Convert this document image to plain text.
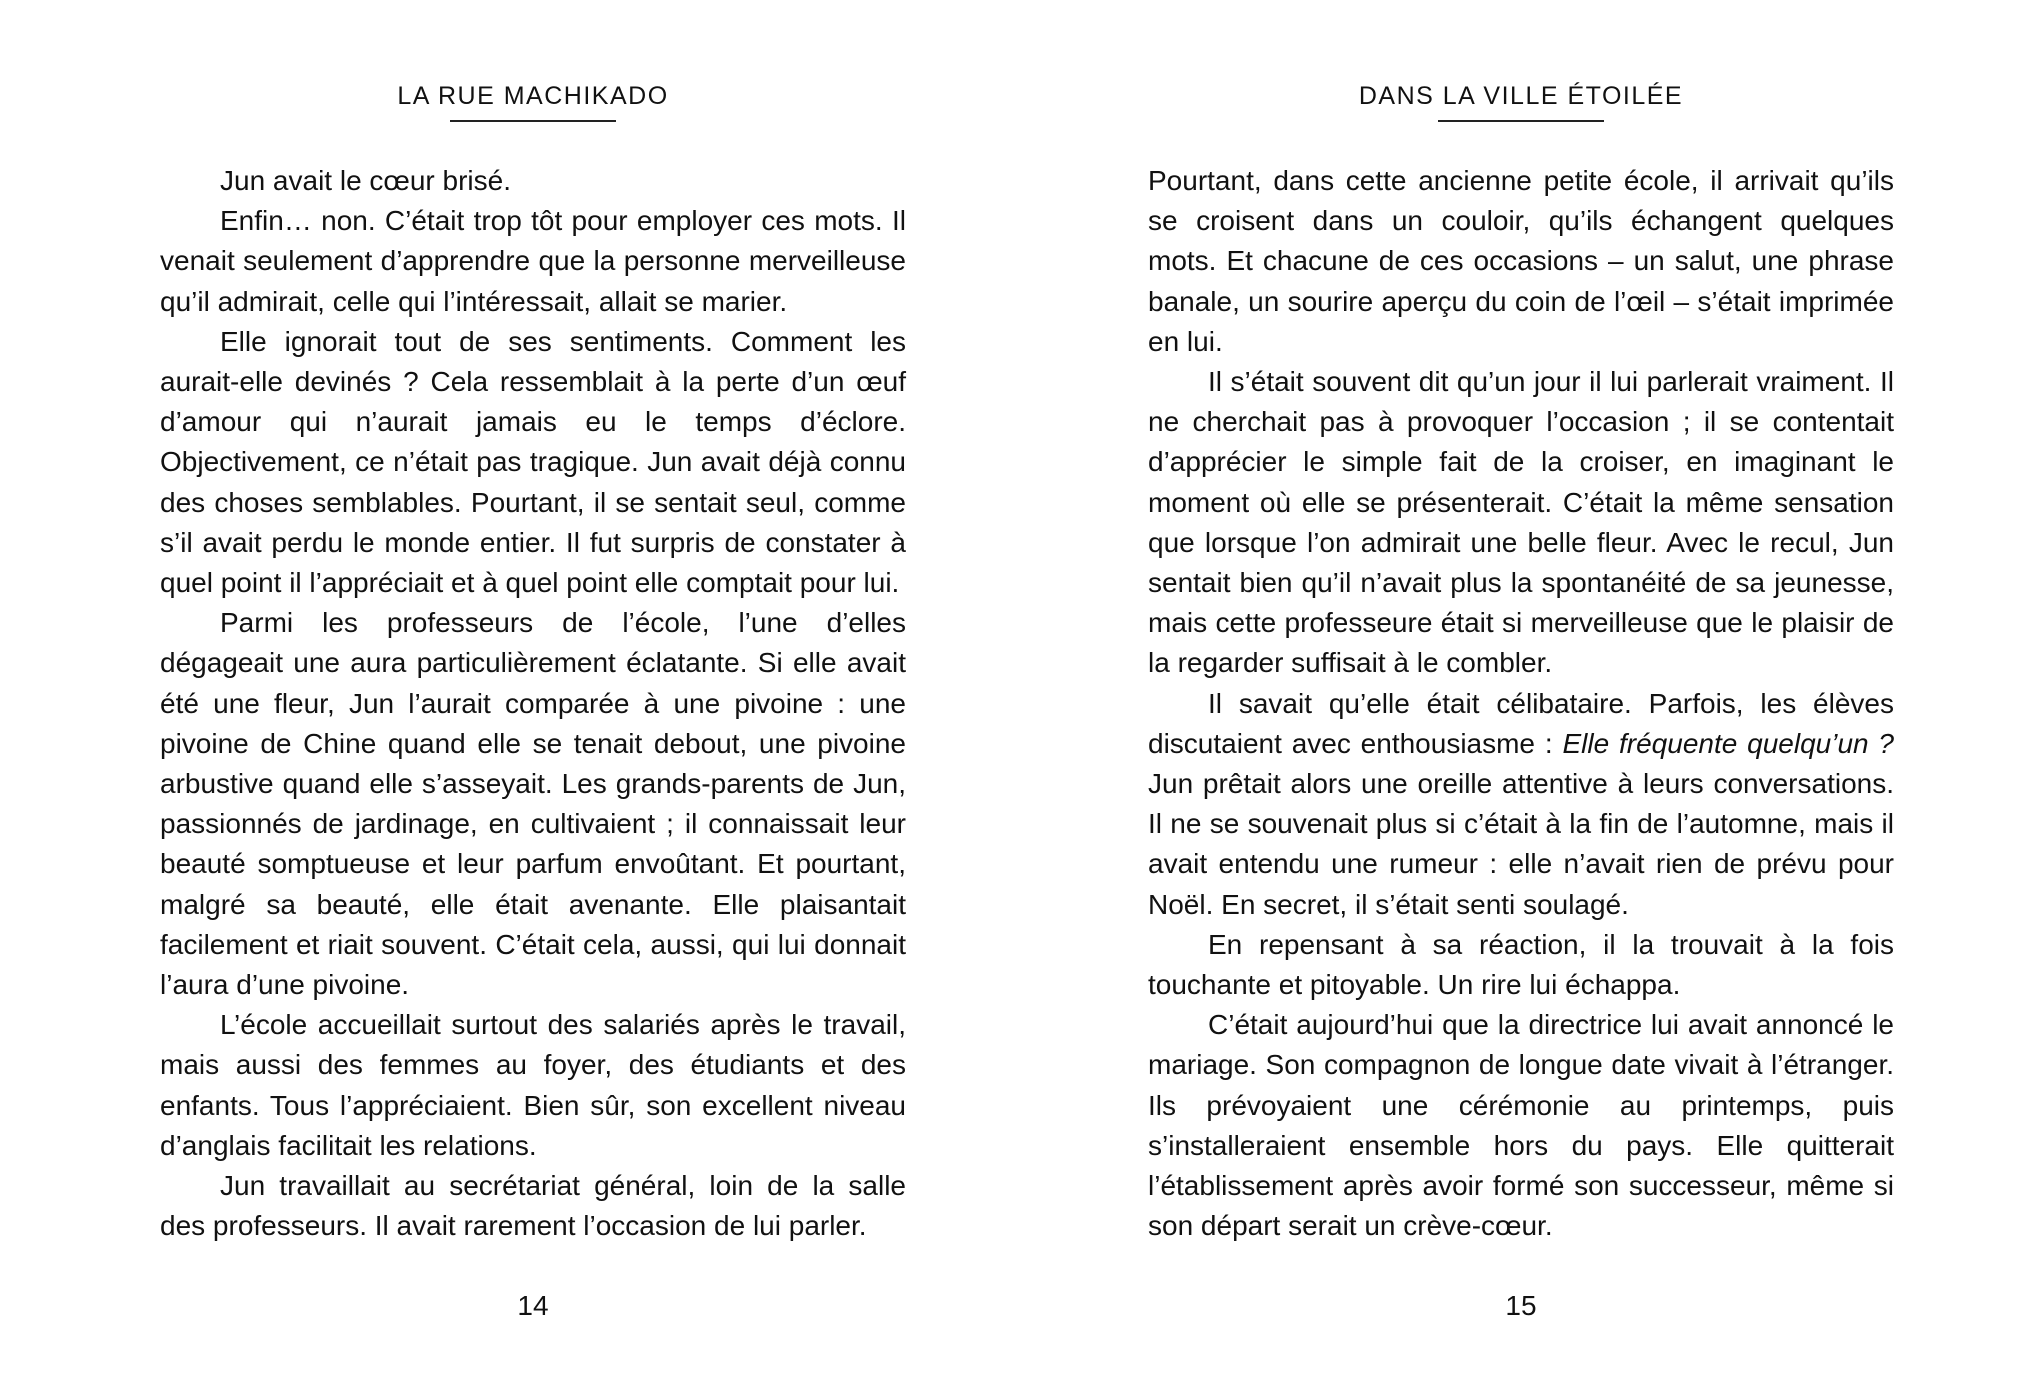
LA RUE MACHIKADO

Jun avait le cœur brisé.

Enfin… non. C’était trop tôt pour employer ces mots. Il venait seulement d’apprendre que la personne merveilleuse qu’il admirait, celle qui l’intéressait, allait se marier.

Elle ignorait tout de ses sentiments. Comment les aurait-elle devinés ? Cela ressemblait à la perte d’un œuf d’amour qui n’aurait jamais eu le temps d’éclore. Objectivement, ce n’était pas tragique. Jun avait déjà connu des choses semblables. Pourtant, il se sentait seul, comme s’il avait perdu le monde entier. Il fut surpris de constater à quel point il l’appréciait et à quel point elle comptait pour lui.

Parmi les professeurs de l’école, l’une d’elles dégageait une aura particulièrement éclatante. Si elle avait été une fleur, Jun l’aurait comparée à une pivoine : une pivoine de Chine quand elle se tenait debout, une pivoine arbustive quand elle s’asseyait. Les grands-parents de Jun, passionnés de jardinage, en cultivaient ; il connaissait leur beauté somptueuse et leur parfum envoûtant. Et pourtant, malgré sa beauté, elle était avenante. Elle plaisantait facilement et riait souvent. C’était cela, aussi, qui lui donnait l’aura d’une pivoine.

L’école accueillait surtout des salariés après le travail, mais aussi des femmes au foyer, des étudiants et des enfants. Tous l’appréciaient. Bien sûr, son excellent niveau d’anglais facilitait les relations.

Jun travaillait au secrétariat général, loin de la salle des professeurs. Il avait rarement l’occasion de lui parler.

14
DANS LA VILLE ÉTOILÉE

Pourtant, dans cette ancienne petite école, il arrivait qu’ils se croisent dans un couloir, qu’ils échangent quelques mots. Et chacune de ces occasions – un salut, une phrase banale, un sourire aperçu du coin de l’œil – s’était imprimée en lui.

Il s’était souvent dit qu’un jour il lui parlerait vraiment. Il ne cherchait pas à provoquer l’occasion ; il se contentait d’apprécier le simple fait de la croiser, en imaginant le moment où elle se présenterait. C’était la même sensation que lorsque l’on admirait une belle fleur. Avec le recul, Jun sentait bien qu’il n’avait plus la spontanéité de sa jeunesse, mais cette professeure était si merveilleuse que le plaisir de la regarder suffisait à le combler.

Il savait qu’elle était célibataire. Parfois, les élèves discutaient avec enthousiasme : Elle fréquente quelqu’un ? Jun prêtait alors une oreille attentive à leurs conversations. Il ne se souvenait plus si c’était à la fin de l’automne, mais il avait entendu une rumeur : elle n’avait rien de prévu pour Noël. En secret, il s’était senti soulagé.

En repensant à sa réaction, il la trouvait à la fois touchante et pitoyable. Un rire lui échappa.

C’était aujourd’hui que la directrice lui avait annoncé le mariage. Son compagnon de longue date vivait à l’étranger. Ils prévoyaient une cérémonie au printemps, puis s’installeraient ensemble hors du pays. Elle quitterait l’établissement après avoir formé son successeur, même si son départ serait un crève-cœur.

15
